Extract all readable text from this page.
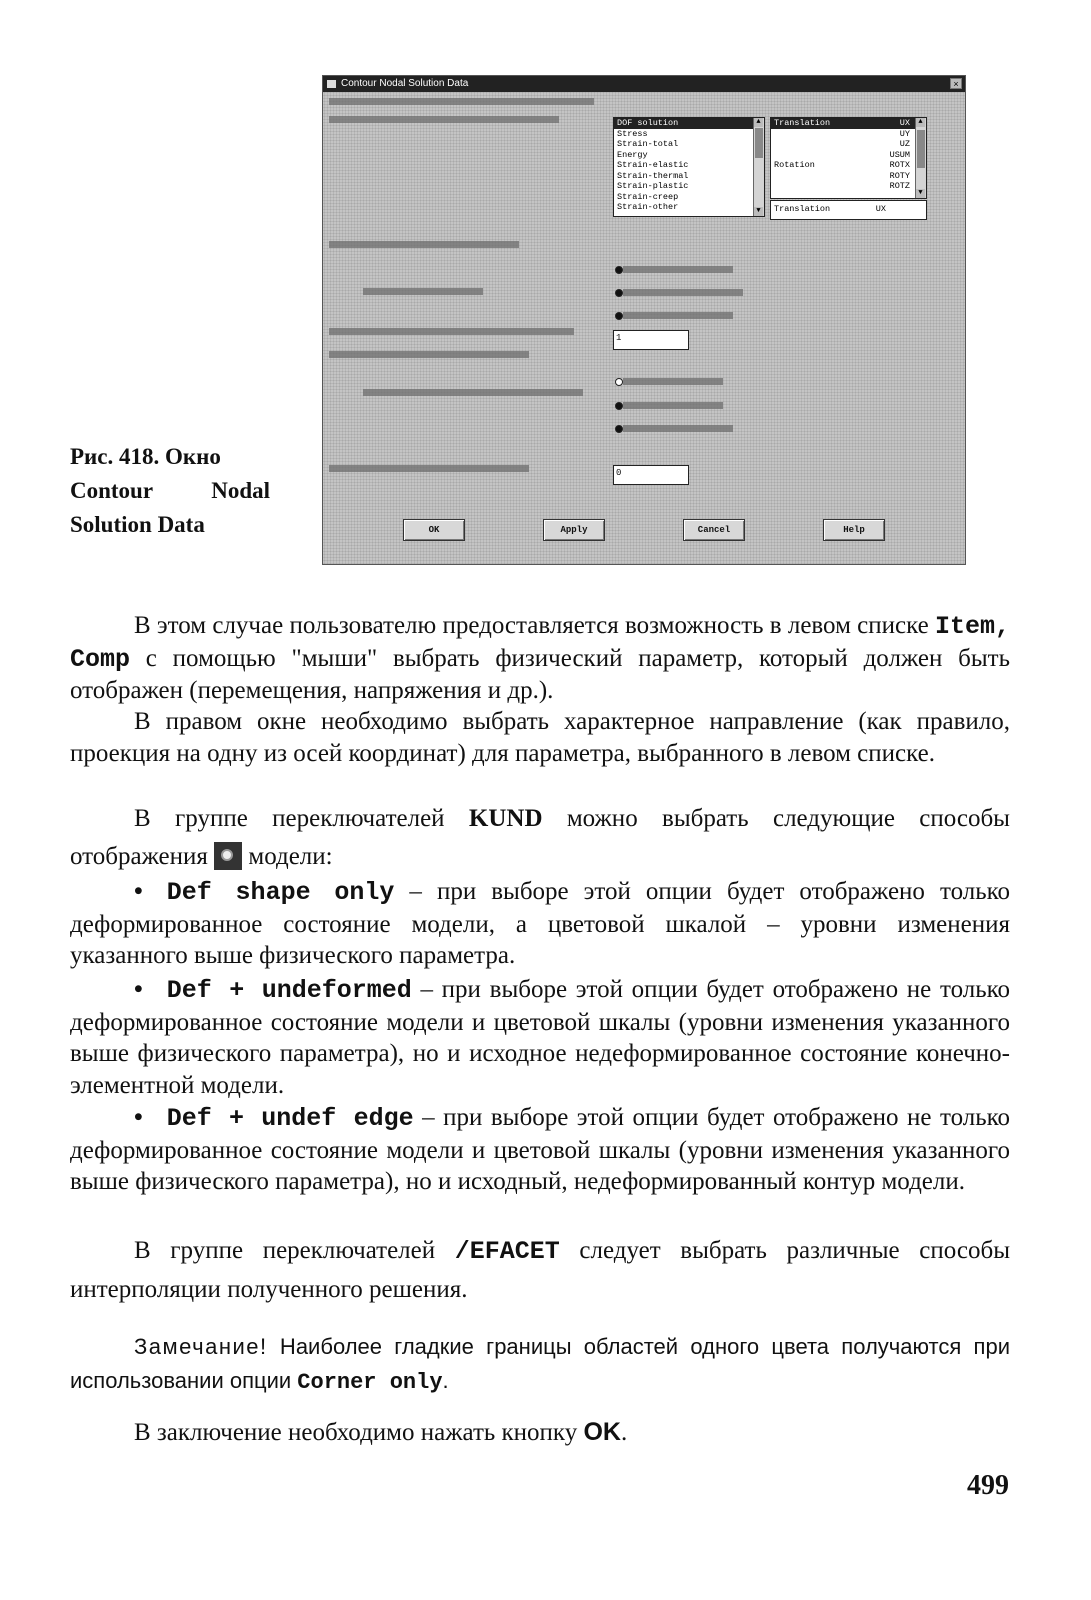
Рис. 418. Окно
Contour	Nodal
Solution Data
Contour Nodal Solution Data	×
DOF solution
Stress
Strain-total
Energy
Strain-elastic
Strain-thermal
Strain-plastic
Strain-creep
Strain-other
▲
▼
Translation	UX
UY
UZ
USUM
Rotation	ROTX
ROTY
ROTZ
▲
▼
Translation	UX
1
0
OK	Apply	Cancel	Help
В этом случае пользователю предоставляется возможность в левом списке Item, Comp с помощью "мыши" выбрать физический параметр, который должен быть отображен (перемещения, напряжения и др.).
В правом окне необходимо выбрать характерное направление (как правило, проекция на одну из осей координат) для параметра, выбранного в левом списке.
В группе переключателей KUND можно выбрать следующие способы отображения  модели:
• Def shape only – при выборе этой опции будет отображено только деформированное состояние модели, а цветовой шкалой – уровни изменения указанного выше физического параметра.
• Def + undeformed – при выборе этой опции будет отображено не только деформированное состояние модели и цветовой шкалы (уровни изменения указанного выше физического параметра), но и исходное недеформированное состояние конечно-элементной модели.
• Def + undef edge – при выборе этой опции будет отображено не только деформированное состояние модели и цветовой шкалы (уровни изменения указанного выше физического параметра), но и исходный, недеформированный контур модели.
В группе переключателей /EFACET следует выбрать различные способы интерполяции полученного решения.
Замечание! Наиболее гладкие границы областей одного цвета получаются при использовании опции Corner only.
В заключение необходимо нажать кнопку OK.
499
